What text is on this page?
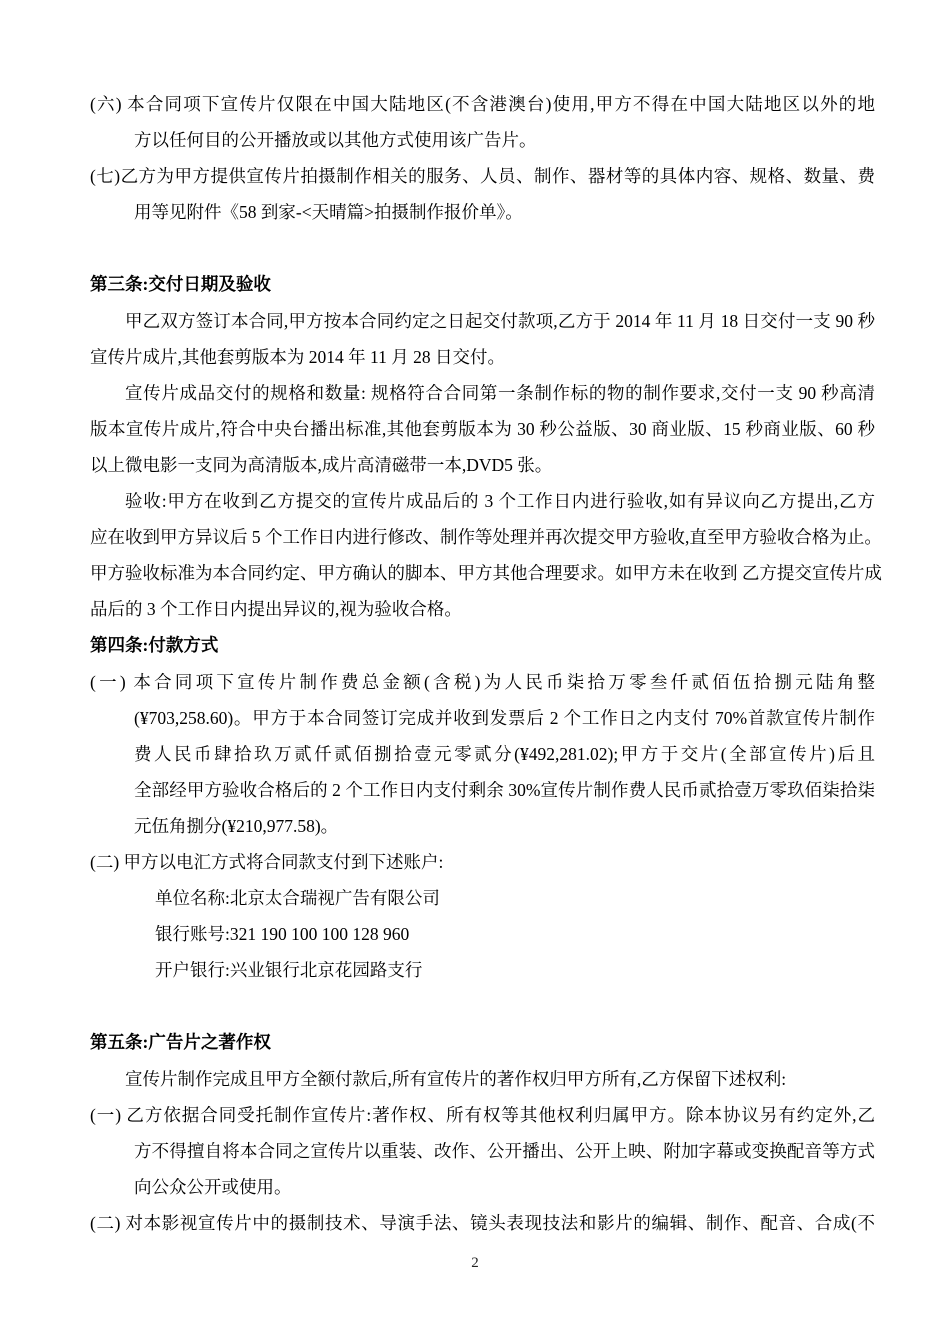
(六) 本合同项下宣传片仅限在中国大陆地区(不含港澳台)使用,甲方不得在中国大陆地区以外的地
方以任何目的公开播放或以其他方式使用该广告片。
(七)乙方为甲方提供宣传片拍摄制作相关的服务、人员、制作、器材等的具体内容、规格、数量、费
用等见附件《58 到家-<天晴篇>拍摄制作报价单》。
第三条:交付日期及验收
甲乙双方签订本合同,甲方按本合同约定之日起交付款项,乙方于 2014 年 11 月 18 日交付一支 90 秒
宣传片成片,其他套剪版本为 2014 年 11 月 28 日交付。
宣传片成品交付的规格和数量: 规格符合合同第一条制作标的物的制作要求,交付一支 90 秒高清
版本宣传片成片,符合中央台播出标准,其他套剪版本为 30 秒公益版、30 商业版、15 秒商业版、60 秒
以上微电影一支同为高清版本,成片高清磁带一本,DVD5 张。
验收:甲方在收到乙方提交的宣传片成品后的 3 个工作日内进行验收,如有异议向乙方提出,乙方
应在收到甲方异议后 5 个工作日内进行修改、制作等处理并再次提交甲方验收,直至甲方验收合格为止。
甲方验收标准为本合同约定、甲方确认的脚本、甲方其他合理要求。如甲方未在收到 乙方提交宣传片成
品后的 3 个工作日内提出异议的,视为验收合格。
第四条:付款方式
(一) 本合同项下宣传片制作费总金额(含税)为人民币柒拾万零叁仟贰佰伍拾捌元陆角整
(¥703,258.60)。甲方于本合同签订完成并收到发票后 2 个工作日之内支付 70%首款宣传片制作
费人民币肆拾玖万贰仟贰佰捌拾壹元零贰分(¥492,281.02);甲方于交片(全部宣传片)后且
全部经甲方验收合格后的 2 个工作日内支付剩余 30%宣传片制作费人民币贰拾壹万零玖佰柒拾柒
元伍角捌分(¥210,977.58)。
(二) 甲方以电汇方式将合同款支付到下述账户:
单位名称:北京太合瑞视广告有限公司
银行账号:321 190 100 100 128 960
开户银行:兴业银行北京花园路支行
第五条:广告片之著作权
宣传片制作完成且甲方全额付款后,所有宣传片的著作权归甲方所有,乙方保留下述权利:
(一) 乙方依据合同受托制作宣传片:著作权、所有权等其他权利归属甲方。除本协议另有约定外,乙
方不得擅自将本合同之宣传片以重装、改作、公开播出、公开上映、附加字幕或变换配音等方式
向公众公开或使用。
(二) 对本影视宣传片中的摄制技术、导演手法、镜头表现技法和影片的编辑、制作、配音、合成(不
2
